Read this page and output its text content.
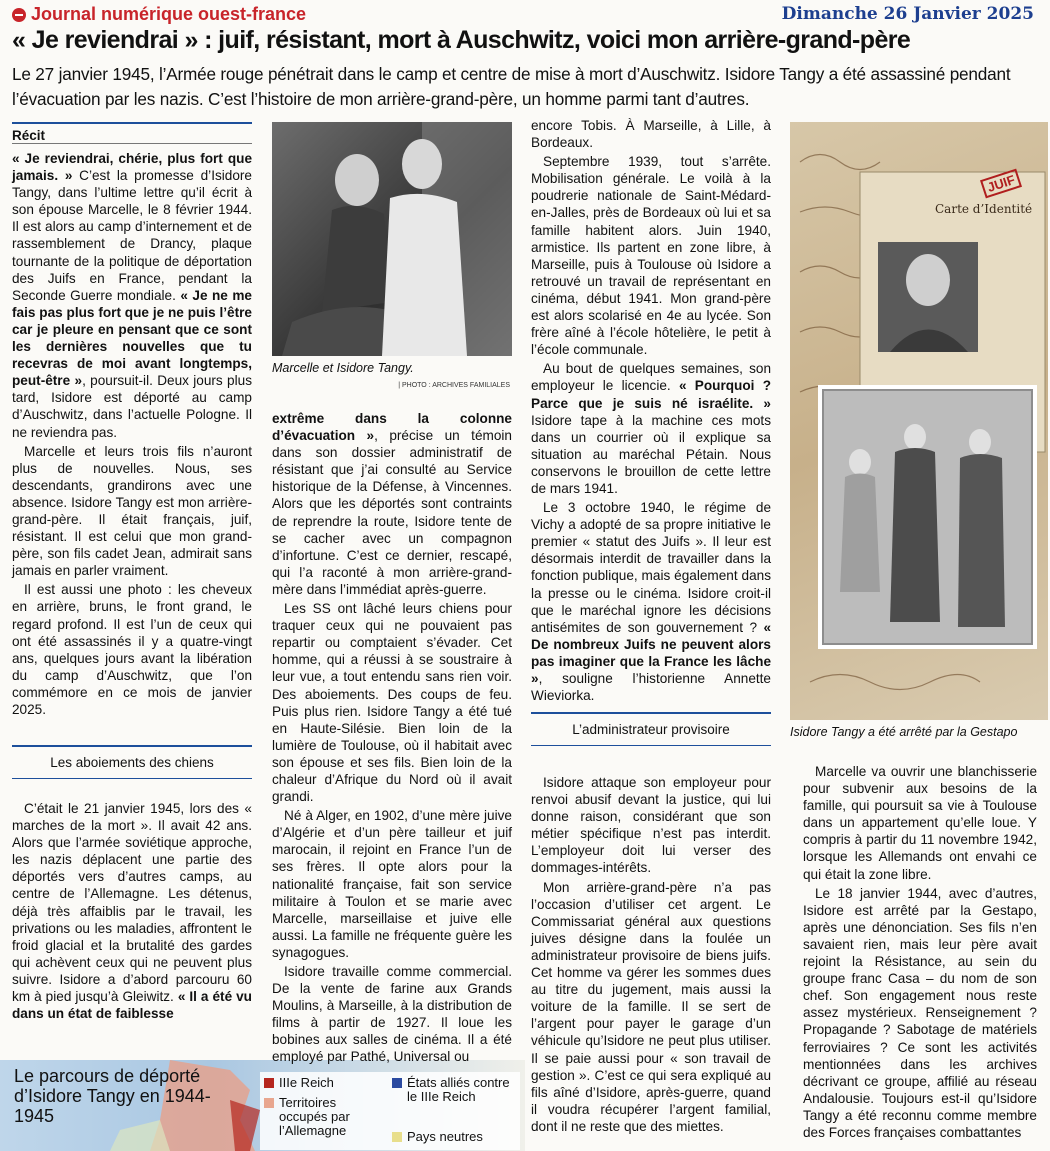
Journal numérique ouest-france	Dimanche 26 Janvier 2025
« Je reviendrai » : juif, résistant, mort à Auschwitz, voici mon arrière-grand-père
Le 27 janvier 1945, l’Armée rouge pénétrait dans le camp et centre de mise à mort d’Auschwitz. Isidore Tangy a été assassiné pendant l’évacuation par les nazis. C’est l’histoire de mon arrière-grand-père, un homme parmi tant d’autres.
Récit

« Je reviendrai, chérie, plus fort que jamais. » C’est la promesse d’Isidore Tangy, dans l’ultime lettre qu’il écrit à son épouse Marcelle, le 8 février 1944. Il est alors au camp d’internement et de rassemblement de Drancy, plaque tournante de la politique de déportation des Juifs en France, pendant la Seconde Guerre mondiale. « Je ne me fais pas plus fort que je ne puis l’être car je pleure en pensant que ce sont les dernières nouvelles que tu recevras de moi avant longtemps, peut-être », poursuit-il. Deux jours plus tard, Isidore est déporté au camp d’Auschwitz, dans l’actuelle Pologne. Il ne reviendra pas.

Marcelle et leurs trois fils n’auront plus de nouvelles. Nous, ses descendants, grandirons avec une absence. Isidore Tangy est mon arrière-grand-père. Il était français, juif, résistant. Il est celui que mon grand-père, son fils cadet Jean, admirait sans jamais en parler vraiment.

Il est aussi une photo : les cheveux en arrière, bruns, le front grand, le regard profond. Il est l’un de ceux qui ont été assassinés il y a quatre-vingt ans, quelques jours avant la libération du camp d’Auschwitz, que l’on commémore en ce mois de janvier 2025.

Les aboiements des chiens

C’était le 21 janvier 1945, lors des « marches de la mort ». Il avait 42 ans. Alors que l’armée soviétique approche, les nazis déplacent une partie des déportés vers d’autres camps, au centre de l’Allemagne. Les détenus, déjà très affaiblis par le travail, les privations ou les maladies, affrontent le froid glacial et la brutalité des gardes qui achèvent ceux qui ne peuvent plus suivre. Isidore a d’abord parcouru 60 km à pied jusqu’à Gleiwitz. « Il a été vu dans un état de faiblesse

Le parcours de déporté d’Isidore Tangy en 1944-1945
IIIe Reich
Territoires occupés par l’Allemagne
États alliés contre le IIIe Reich
Pays neutres
Marcelle et Isidore Tangy.
| PHOTO : ARCHIVES FAMILIALES

extrême dans la colonne d’évacuation », précise un témoin dans son dossier administratif de résistant que j’ai consulté au Service historique de la Défense, à Vincennes. Alors que les déportés sont contraints de reprendre la route, Isidore tente de se cacher avec un compagnon d’infortune. C’est ce dernier, rescapé, qui l’a raconté à mon arrière-grand-mère dans l’immédiat après-guerre.

Les SS ont lâché leurs chiens pour traquer ceux qui ne pouvaient pas repartir ou comptaient s’évader. Cet homme, qui a réussi à se soustraire à leur vue, a tout entendu sans rien voir. Des aboiements. Des coups de feu. Puis plus rien. Isidore Tangy a été tué en Haute-Silésie. Bien loin de la lumière de Toulouse, où il habitait avec son épouse et ses fils. Bien loin de la chaleur d’Afrique du Nord où il avait grandi.

Né à Alger, en 1902, d’une mère juive d’Algérie et d’un père tailleur et juif marocain, il rejoint en France l’un de ses frères. Il opte alors pour la nationalité française, fait son service militaire à Toulon et se marie avec Marcelle, marseillaise et juive elle aussi. La famille ne fréquente guère les synagogues.

Isidore travaille comme commercial. De la vente de farine aux Grands Moulins, à Marseille, à la distribution de films à partir de 1927. Il loue les bobines aux salles de cinéma. Il a été employé par Pathé, Universal ou

encore Tobis. À Marseille, à Lille, à Bordeaux.

Septembre 1939, tout s’arrête. Mobilisation générale. Le voilà à la poudrerie nationale de Saint-Médard-en-Jalles, près de Bordeaux où lui et sa famille habitent alors. Juin 1940, armistice. Ils partent en zone libre, à Marseille, puis à Toulouse où Isidore a retrouvé un travail de représentant en cinéma, début 1941. Mon grand-père est alors scolarisé en 4e au lycée. Son frère aîné à l’école hôtelière, le petit à l’école communale.

Au bout de quelques semaines, son employeur le licencie. « Pourquoi ? Parce que je suis né israélite. » Isidore tape à la machine ces mots dans un courrier où il explique sa situation au maréchal Pétain. Nous conservons le brouillon de cette lettre de mars 1941.

Le 3 octobre 1940, le régime de Vichy a adopté de sa propre initiative le premier « statut des Juifs ». Il leur est désormais interdit de travailler dans la fonction publique, mais également dans la presse ou le cinéma. Isidore croit-il que le maréchal ignore les décisions antisémites de son gouvernement ? « De nombreux Juifs ne peuvent alors pas imaginer que la France les lâche », souligne l’historienne Annette Wieviorka.

L’administrateur provisoire

Isidore attaque son employeur pour renvoi abusif devant la justice, qui lui donne raison, considérant que son métier spécifique n’est pas interdit. L’employeur doit lui verser des dommages-intérêts.

Mon arrière-grand-père n’a pas l’occasion d’utiliser cet argent. Le Commissariat général aux questions juives désigne dans la foulée un administrateur provisoire de biens juifs. Cet homme va gérer les sommes dues au titre du jugement, mais aussi la voiture de la famille. Il se sert de l’argent pour payer le garage d’un véhicule qu’Isidore ne peut plus utiliser. Il se paie aussi pour « son travail de gestion ». C’est ce qui sera expliqué au fils aîné d’Isidore, après-guerre, quand il voudra récupérer l’argent familial, dont il ne reste que des miettes.

Carte d’Identité
JUIF
Isidore Tangy a été arrêté par la Gestapo

Marcelle va ouvrir une blanchisserie pour subvenir aux besoins de la famille, qui poursuit sa vie à Toulouse dans un appartement qu’elle loue. Y compris à partir du 11 novembre 1942, lorsque les Allemands ont envahi ce qui était la zone libre.

Le 18 janvier 1944, avec d’autres, Isidore est arrêté par la Gestapo, après une dénonciation. Ses fils n’en savaient rien, mais leur père avait rejoint la Résistance, au sein du groupe franc Casa – du nom de son chef. Son engagement nous reste assez mystérieux. Renseignement ? Propagande ? Sabotage de matériels ferroviaires ? Ce sont les activités mentionnées dans les archives décrivant ce groupe, affilié au réseau Andalousie. Toujours est-il qu’Isidore Tangy a été reconnu comme membre des Forces françaises combattantes
